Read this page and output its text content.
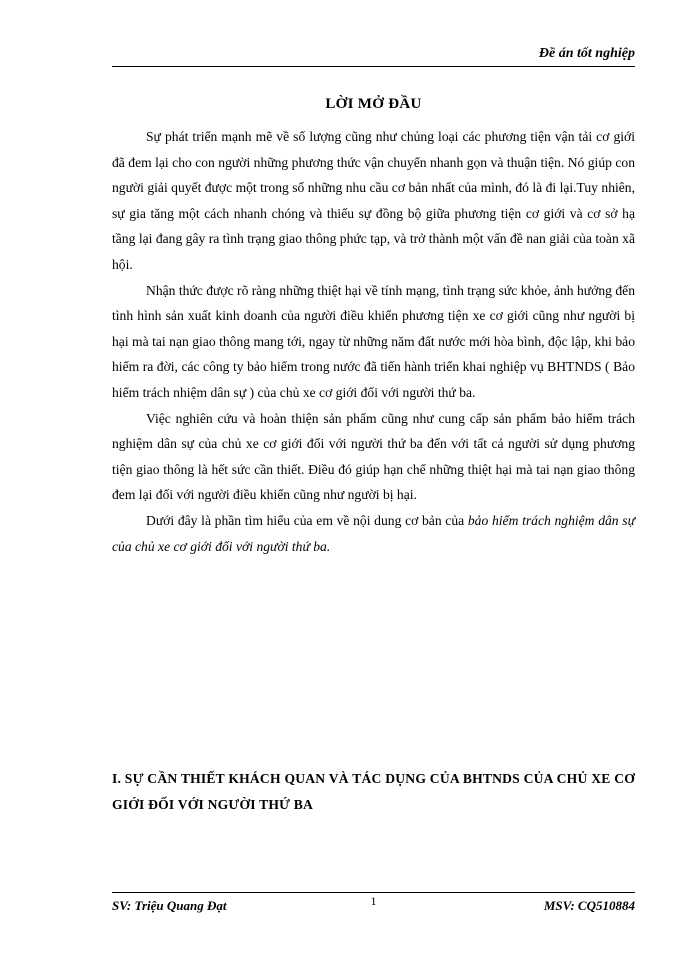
Đề án tốt nghiệp
LỜI MỞ ĐẦU

Sự phát triển mạnh mẽ về số lượng cũng như chủng loại các phương tiện vận tải cơ giới đã đem lại cho con người những phương thức vận chuyển nhanh gọn và thuận tiện. Nó giúp con người giải quyết được một trong số những nhu cầu cơ bản nhất của mình, đó là đi lại.Tuy nhiên, sự gia tăng một cách nhanh chóng và thiếu sự đồng bộ giữa phương tiện cơ giới và cơ sở hạ tầng lại đang gây ra tình trạng giao thông phức tạp, và trở thành một vấn đề nan giải của toàn xã hội.

Nhận thức được rõ ràng những thiệt hại về tính mạng, tình trạng sức khỏe, ảnh hưởng đến tình hình sản xuất kinh doanh của người điều khiển phương tiện xe cơ giới cũng như người bị hại mà tai nạn giao thông mang tới, ngay từ những năm đất nước mới hòa bình, độc lập, khi bảo hiểm ra đời, các công ty bảo hiểm trong nước đã tiến hành triển khai nghiệp vụ BHTNDS ( Bảo hiểm trách nhiệm dân sự ) của chủ xe cơ giới đối với người thứ ba.

Việc nghiên cứu và hoàn thiện sản phẩm cũng như cung cấp sản phẩm bảo hiểm trách nghiệm dân sự của chủ xe cơ giới đối với người thứ ba đến với tất cả người sử dụng phương tiện giao thông là hết sức cần thiết. Điều đó giúp hạn chế những thiệt hại mà tai nạn giao thông đem lại đối với người điều khiển cũng như người bị hại.

Dưới đây là phần tìm hiểu của em về nội dung cơ bản của bảo hiểm trách nghiệm dân sự của chủ xe cơ giới đối với người thứ ba.

I. SỰ CẦN THIẾT KHÁCH QUAN VÀ TÁC DỤNG CỦA BHTNDS CỦA CHỦ XE CƠ GIỚI ĐỐI VỚI NGƯỜI THỨ BA
SV: Triệu Quang Đạt	1	MSV: CQ510884
